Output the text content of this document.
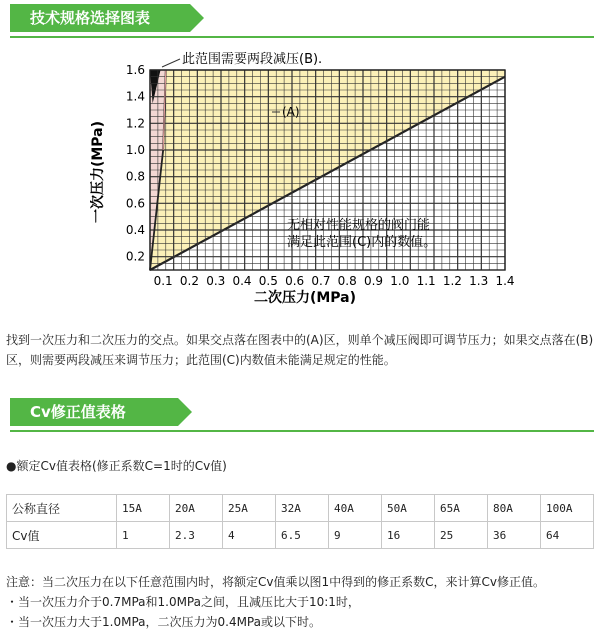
技术规格选择图表
0.1 0.2 0.3 0.4 0.5 0.6 0.7 0.8 0.9 1.0 1.1 1.2 1.3 1.4
0.2
0.4
0.6
0.8
1.0
1.2
1.4
1.6
此范围需要两段减压(B).
(A)
无相对性能规格的阀门能
满足此范围(C)内的数值。
二次压力(MPa)
一次压力(MPa)
找到一次压力和二次压力的交点。如果交点落在图表中的(A)区，则单个减压阀即可调节压力；如果交点落在(B)
区，则需要两段减压来调节压力；此范围(C)内数值未能满足规定的性能。
Cv修正值表格
●额定Cv值表格(修正系数C=1时的Cv值)
公称直径	15A	20A	25A	32A	40A	50A	65A	80A	100A
Cv值	1	2.3	4	6.5	9	16	25	36	64
注意：当二次压力在以下任意范围内时，将额定Cv值乘以图1中得到的修正系数C，来计算Cv修正值。
・当一次压力介于0.7MPa和1.0MPa之间，且减压比大于10:1时，
・当一次压力大于1.0MPa，二次压力为0.4MPa或以下时。
